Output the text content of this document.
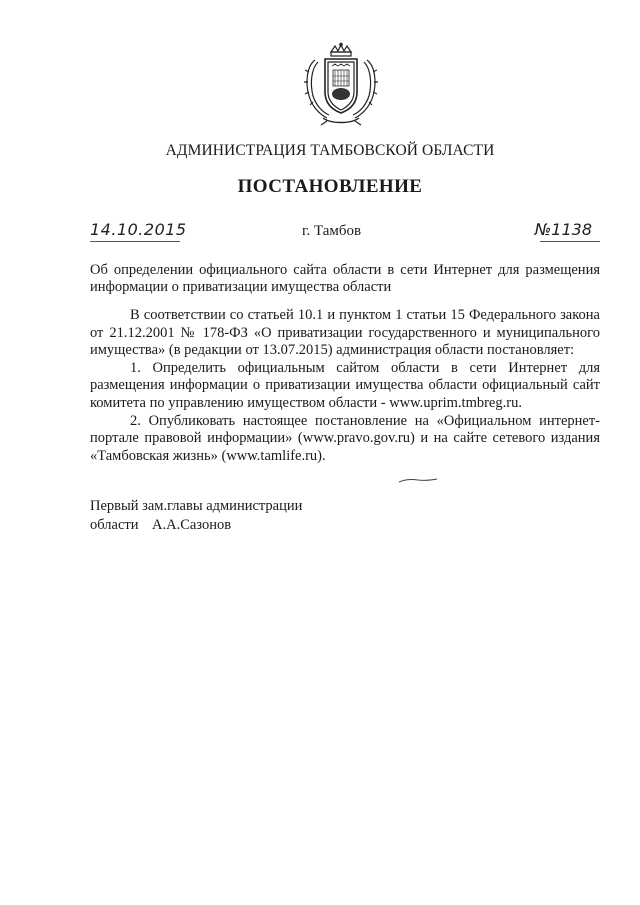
АДМИНИСТРАЦИЯ ТАМБОВСКОЙ ОБЛАСТИ
ПОСТАНОВЛЕНИЕ
14.10.2015	г. Тамбов	№1138
Об определении официального сайта области в сети Интернет для размещения информации о приватизации имущества области

В соответствии со статьей 10.1 и пунктом 1 статьи 15 Федерального закона от 21.12.2001 № 178-ФЗ «О приватизации государственного и муниципального имущества» (в редакции от 13.07.2015) администрация области постановляет:

1. Определить официальным сайтом области в сети Интернет для размещения информации о приватизации имущества области официальный сайт комитета по управлению имуществом области - www.uprim.tmbreg.ru.

2. Опубликовать настоящее постановление на «Официальном интернет-портале правовой информации» (www.pravo.gov.ru) и на сайте сетевого издания «Тамбовская жизнь» (www.tamlife.ru).

Первый зам.главы администрации
области А.А.Сазонов
